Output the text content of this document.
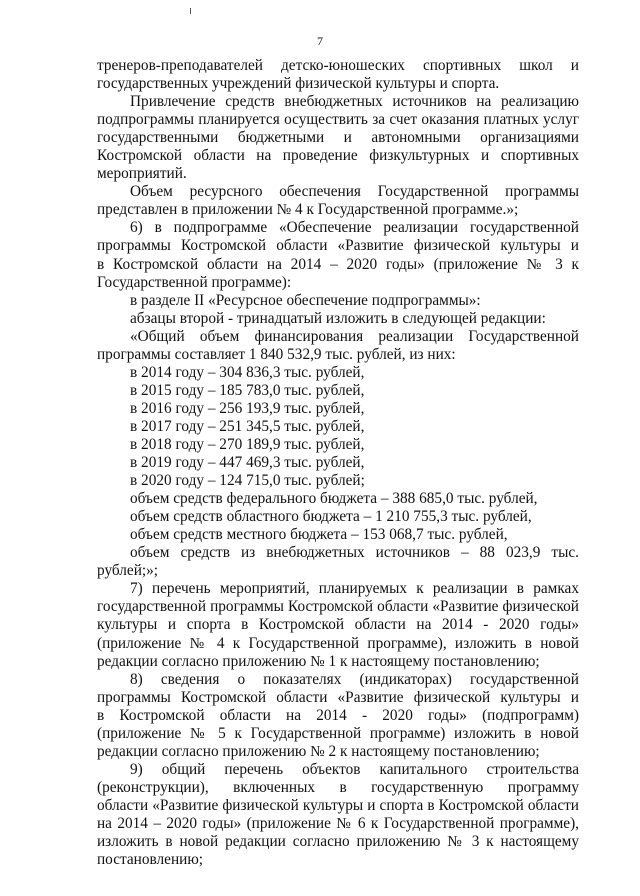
7
тренеров-преподавателей детско-юношеских спортивных школ и
государственных учреждений физической культуры и спорта.
Привлечение средств внебюджетных источников на реализацию
подпрограммы планируется осуществить за счет оказания платных услуг
государственными бюджетными и автономными организациями
Костромской области на проведение физкультурных и спортивных
мероприятий.
Объем ресурсного обеспечения Государственной программы
представлен в приложении № 4 к Государственной программе.»;
6) в подпрограмме «Обеспечение реализации государственной
программы Костромской области «Развитие физической культуры и
в Костромской области на 2014 – 2020 годы» (приложение № 3 к
Государственной программе):
в разделе II «Ресурсное обеспечение подпрограммы»:
абзацы второй - тринадцатый изложить в следующей редакции:
«Общий объем финансирования реализации Государственной
программы составляет 1 840 532,9 тыс. рублей, из них:
в 2014 году – 304 836,3 тыс. рублей,
в 2015 году – 185 783,0 тыс. рублей,
в 2016 году – 256 193,9 тыс. рублей,
в 2017 году – 251 345,5 тыс. рублей,
в 2018 году – 270 189,9 тыс. рублей,
в 2019 году – 447 469,3 тыс. рублей,
в 2020 году – 124 715,0 тыс. рублей;
объем средств федерального бюджета – 388 685,0 тыс. рублей,
объем средств областного бюджета – 1 210 755,3 тыс. рублей,
объем средств местного бюджета – 153 068,7 тыс. рублей,
объем средств из внебюджетных источников – 88 023,9 тыс.
рублей;»;
7) перечень мероприятий, планируемых к реализации в рамках
государственной программы Костромской области «Развитие физической
культуры и спорта в Костромской области на 2014 - 2020 годы»
(приложение № 4 к Государственной программе), изложить в новой
редакции согласно приложению № 1 к настоящему постановлению;
8) сведения о показателях (индикаторах) государственной
программы Костромской области «Развитие физической культуры и
в Костромской области на 2014 - 2020 годы» (подпрограмм)
(приложение № 5 к Государственной программе) изложить в новой
редакции согласно приложению № 2 к настоящему постановлению;
9) общий перечень объектов капитального строительства
(реконструкции), включенных в государственную программу
области «Развитие физической культуры и спорта в Костромской области
на 2014 – 2020 годы» (приложение № 6 к Государственной программе),
изложить в новой редакции согласно приложению № 3 к настоящему
постановлению;
